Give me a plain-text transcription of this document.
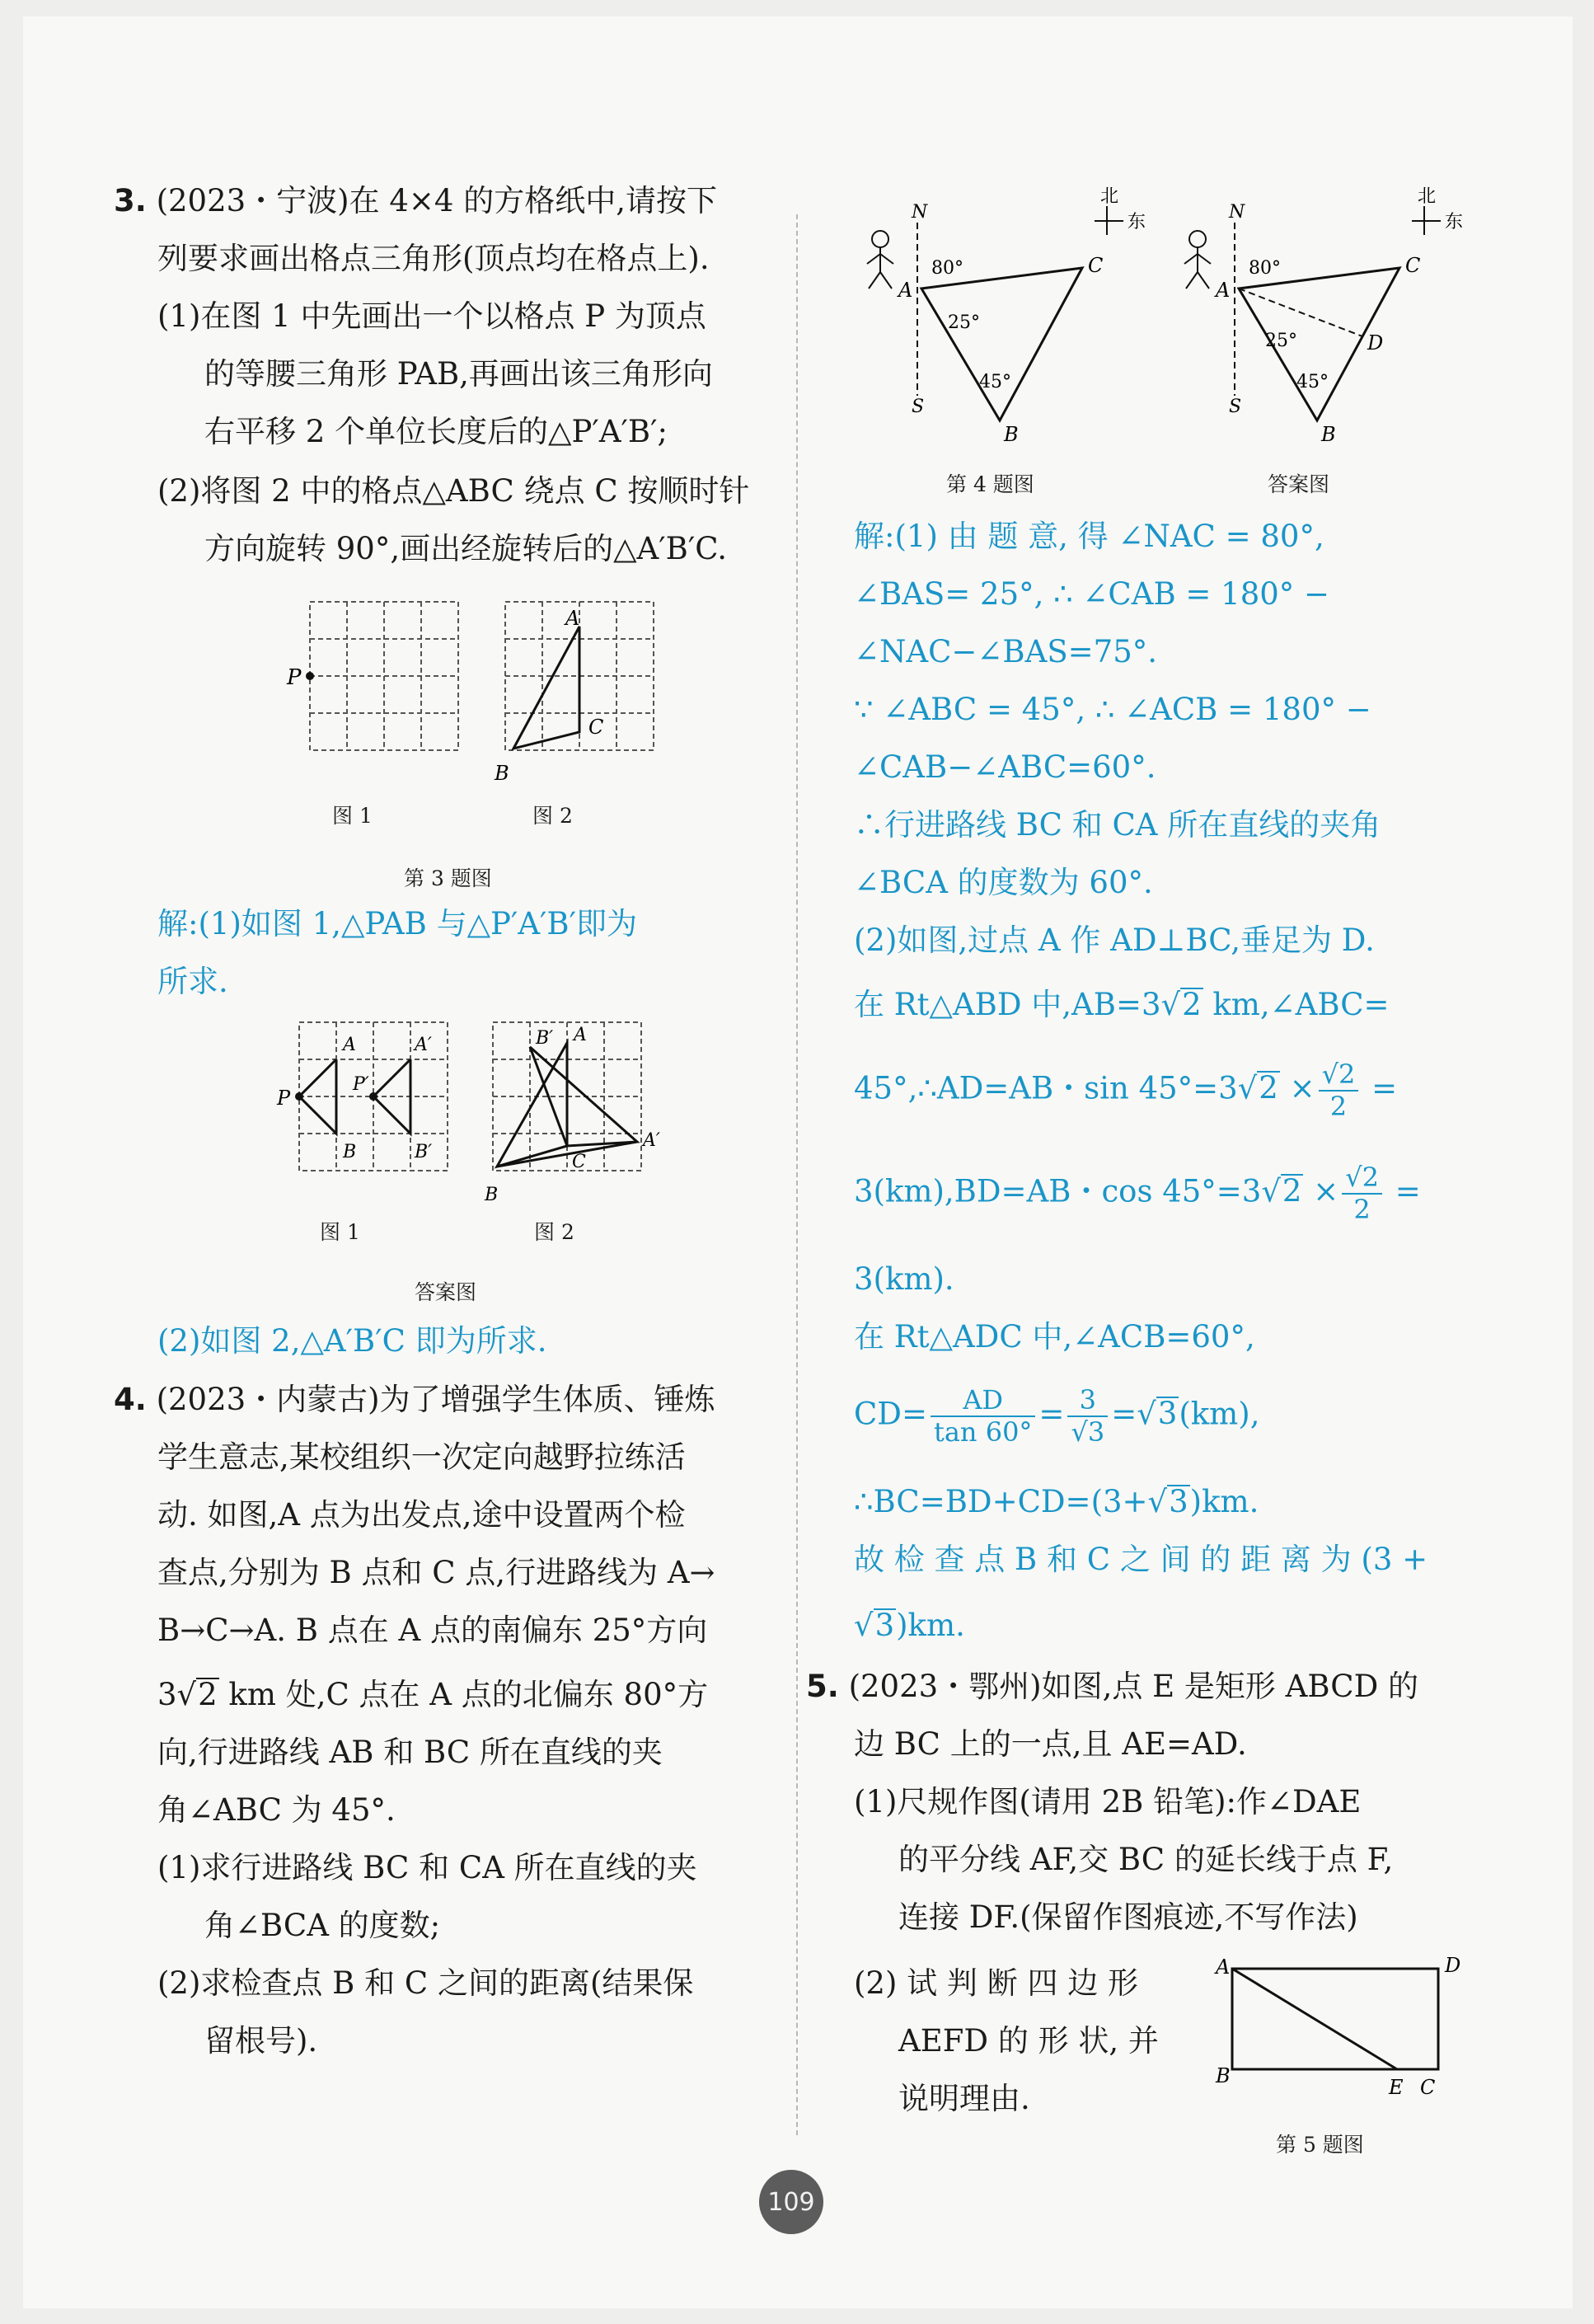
3. (2023・宁波)在 4×4 的方格纸中,请按下
列要求画出格点三角形(顶点均在格点上).
(1)在图 1 中先画出一个以格点 P 为顶点
的等腰三角形 PAB,再画出该三角形向
右平移 2 个单位长度后的△P′A′B′;
(2)将图 2 中的格点△ABC 绕点 C 按顺时针
方向旋转 90°,画出经旋转后的△A′B′C.
P
A
C
B
图 1	图 2
第 3 题图
解:(1)如图 1,△PAB 与△P′A′B′即为
所求.
P
A
B
P′
A′
B′
B′ A
C
A′
B
图 1	图 2
答案图
(2)如图 2,△A′B′C 即为所求.
4. (2023・内蒙古)为了增强学生体质、锤炼
学生意志,某校组织一次定向越野拉练活
动. 如图,A 点为出发点,途中设置两个检
查点,分别为 B 点和 C 点,行进路线为 A→
B→C→A. B 点在 A 点的南偏东 25°方向
3√2 km 处,C 点在 A 点的北偏东 80°方
向,行进路线 AB 和 BC 所在直线的夹
角∠ABC 为 45°.
(1)求行进路线 BC 和 CA 所在直线的夹
角∠BCA 的度数;
(2)求检查点 B 和 C 之间的距离(结果保
留根号).
N
S
A
C
B
80°
25°
45°
北
东	N
S
A
C
B
D
80°
25°
45°
北
东
第 4 题图	答案图
解:(1) 由 题 意, 得 ∠NAC = 80°,
∠BAS= 25°, ∴ ∠CAB = 180° −
∠NAC−∠BAS=75°.
∵ ∠ABC = 45°, ∴ ∠ACB = 180° −
∠CAB−∠ABC=60°.
∴行进路线 BC 和 CA 所在直线的夹角
∠BCA 的度数为 60°.
(2)如图,过点 A 作 AD⊥BC,垂足为 D.
在 Rt△ABD 中,AB=3√2 km,∠ABC=
45°,∴AD=AB・$\sin 45^\circ=3√2 \times \frac{√2}{2}$ =
3(km),BD=AB・$\cos 45^\circ=3√2 \times \frac{√2}{2}$ =
3(km).
在 Rt△ADC 中,∠ACB=60°,
$CD= \frac{AD}{\tan 60^\circ} = \frac{3}{√3} =√3(km)$,
∴BC=BD+CD=(3+√3)km.
故 检 查 点 B 和 C 之 间 的 距 离 为 (3 +
√3)km.
5. (2023・鄂州)如图,点 E 是矩形 ABCD 的
边 BC 上的一点,且 AE=AD.
(1)尺规作图(请用 2B 铅笔):作∠DAE
的平分线 AF,交 BC 的延长线于点 F,
连接 DF.(保留作图痕迹,不写作法)
(2) 试 判 断 四 边 形
AEFD 的 形 状, 并
说明理由.
A	D
B	E C
第 5 题图
109
